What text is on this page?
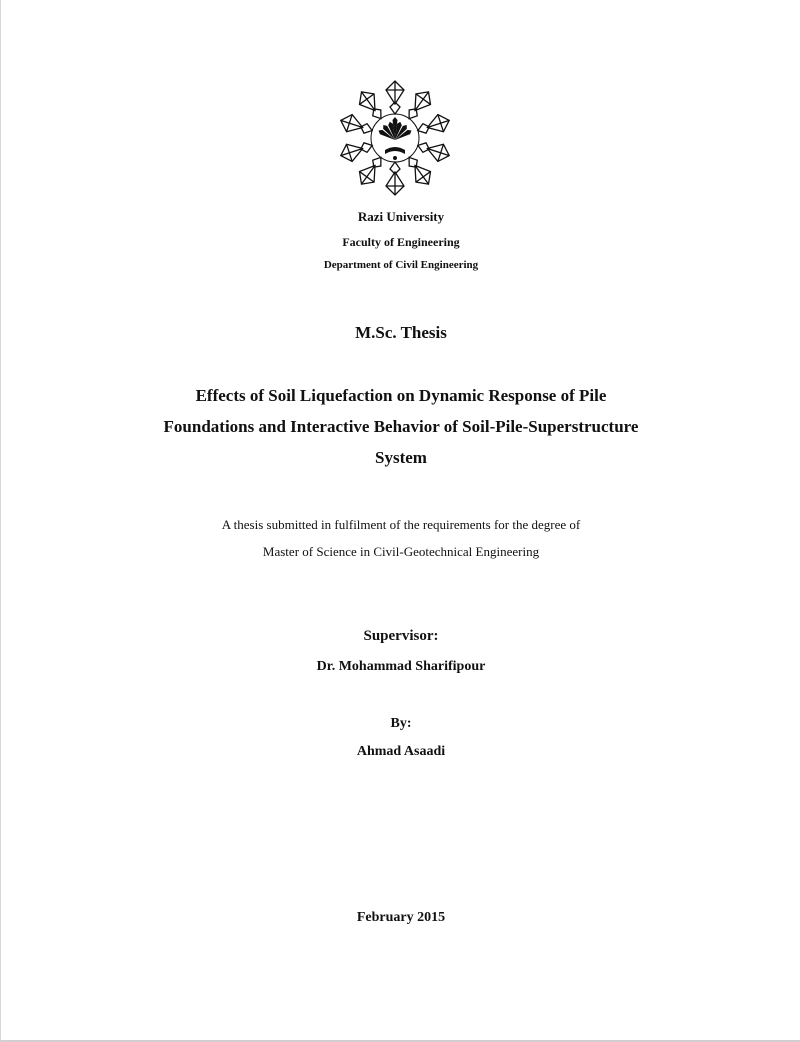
Razi University
Faculty of Engineering
Department of Civil Engineering
M.Sc. Thesis
Effects of Soil Liquefaction on Dynamic Response of Pile
Foundations and Interactive Behavior of Soil-Pile-Superstructure
System
A thesis submitted in fulfilment of the requirements for the degree of
Master of Science in Civil-Geotechnical Engineering
Supervisor:
Dr. Mohammad Sharifipour
By:
Ahmad Asaadi
February 2015
